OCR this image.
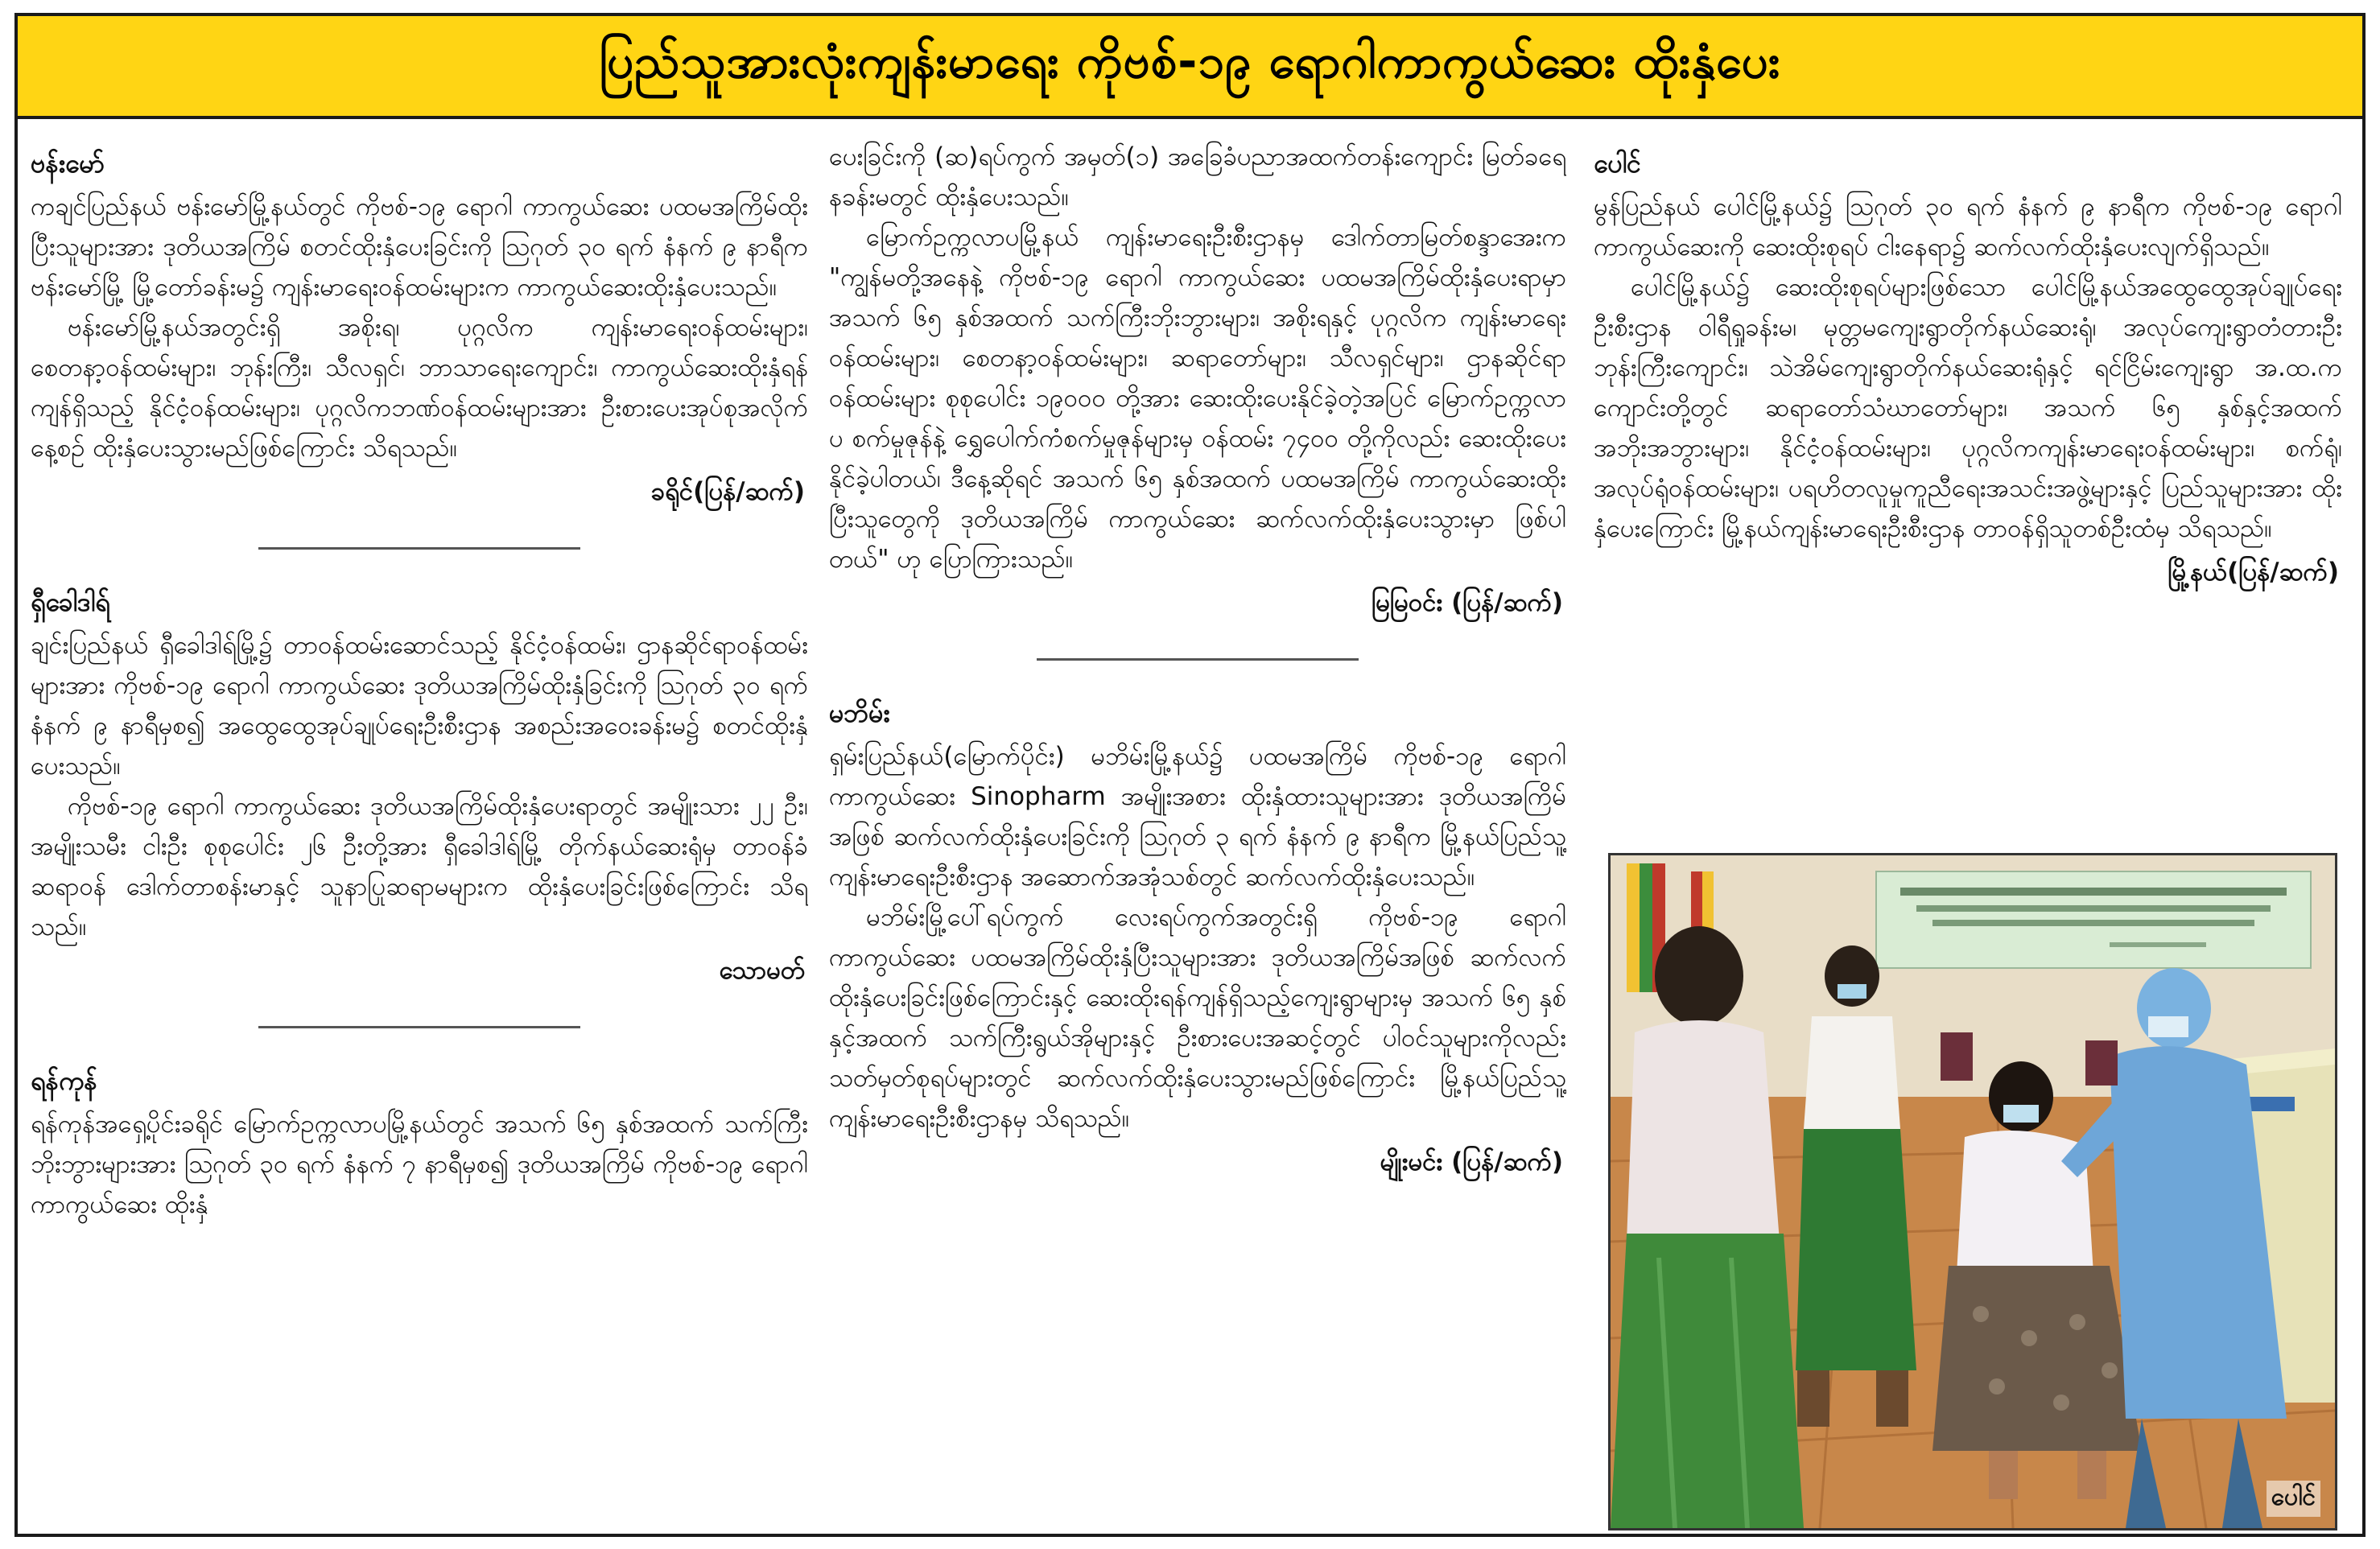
ပြည်သူအားလုံးကျန်းမာရေး ကိုဗစ်-၁၉ ရောဂါကာကွယ်ဆေး ထိုးနှံပေး
ဗန်းမော်

ကချင်ပြည်နယ် ဗန်းမော်မြို့နယ်တွင် ကိုဗစ်-၁၉ ရောဂါ ကာကွယ်ဆေး ပထမအကြိမ်ထိုးပြီးသူများအား ဒုတိယအကြိမ် စတင်ထိုးနှံပေးခြင်းကို ဩဂုတ် ၃၀ ရက် နံနက် ၉ နာရီက ဗန်းမော်မြို့ မြို့တော်ခန်းမ၌ ကျန်းမာရေးဝန်ထမ်းများက ကာကွယ်ဆေးထိုးနှံပေးသည်။

ဗန်းမော်မြို့နယ်အတွင်းရှိ အစိုးရ၊ ပုဂ္ဂလိက ကျန်းမာရေးဝန်ထမ်းများ၊ စေတနာ့ဝန်ထမ်းများ၊ ဘုန်းကြီး၊ သီလရှင်၊ ဘာသာရေးကျောင်း၊ ကာကွယ်ဆေးထိုးနှံရန်ကျန်ရှိသည့် နိုင်ငံ့ဝန်ထမ်းများ၊ ပုဂ္ဂလိကဘဏ်ဝန်ထမ်းများအား ဦးစားပေးအုပ်စုအလိုက် နေ့စဉ် ထိုးနှံပေးသွားမည်ဖြစ်ကြောင်း သိရသည်။

ခရိုင်(ပြန်/ဆက်)
ရှီခေါဒါရ်

ချင်းပြည်နယ် ရှီခေါဒါရ်မြို့၌ တာဝန်ထမ်းဆောင်သည့် နိုင်ငံ့ဝန်ထမ်း၊ ဌာနဆိုင်ရာဝန်ထမ်းများအား ကိုဗစ်-၁၉ ရောဂါ ကာကွယ်ဆေး ဒုတိယအကြိမ်ထိုးနှံခြင်းကို ဩဂုတ် ၃၀ ရက် နံနက် ၉ နာရီမှစ၍ အထွေထွေအုပ်ချုပ်ရေးဦးစီးဌာန အစည်းအဝေးခန်းမ၌ စတင်ထိုးနှံပေးသည်။

ကိုဗစ်-၁၉ ရောဂါ ကာကွယ်ဆေး ဒုတိယအကြိမ်ထိုးနှံပေးရာတွင် အမျိုးသား ၂၂ ဦး၊ အမျိုးသမီး ငါးဦး စုစုပေါင်း ၂၆ ဦးတို့အား ရှီခေါဒါရ်မြို့ တိုက်နယ်ဆေးရုံမှ တာဝန်ခံဆရာဝန် ဒေါက်တာစန်းမာနှင့် သူနာပြုဆရာမများက ထိုးနှံပေးခြင်းဖြစ်ကြောင်း သိရသည်။

သောမတ်
ရန်ကုန်

ရန်ကုန်အရှေ့ပိုင်းခရိုင် မြောက်ဥက္ကလာပမြို့နယ်တွင် အသက် ၆၅ နှစ်အထက် သက်ကြီးဘိုးဘွားများအား ဩဂုတ် ၃၀ ရက် နံနက် ၇ နာရီမှစ၍ ဒုတိယအကြိမ် ကိုဗစ်-၁၉ ရောဂါ ကာကွယ်ဆေး ထိုးနှံ

ပေးခြင်းကို (ဆ)ရပ်ကွက် အမှတ်(၁) အခြေခံပညာအထက်တန်းကျောင်း မြတ်ခရေနခန်းမတွင် ထိုးနှံပေးသည်။

မြောက်ဥက္ကလာပမြို့နယ် ကျန်းမာရေးဦးစီးဌာနမှ ဒေါက်တာမြတ်စန္ဒာအေးက "ကျွန်မတို့အနေနဲ့ ကိုဗစ်-၁၉ ရောဂါ ကာကွယ်ဆေး ပထမအကြိမ်ထိုးနှံပေးရာမှာ အသက် ၆၅ နှစ်အထက် သက်ကြီးဘိုးဘွားများ၊ အစိုးရနှင့် ပုဂ္ဂလိက ကျန်းမာရေးဝန်ထမ်းများ၊ စေတနာ့ဝန်ထမ်းများ၊ ဆရာတော်များ၊ သီလရှင်များ၊ ဌာနဆိုင်ရာဝန်ထမ်းများ စုစုပေါင်း ၁၉၀၀၀ တို့အား ဆေးထိုးပေးနိုင်ခဲ့တဲ့အပြင် မြောက်ဥက္ကလာပ စက်မှုဇုန်နဲ့ ရွှေပေါက်ကံစက်မှုဇုန်များမှ ဝန်ထမ်း ၇၄၀၀ တို့ကိုလည်း ဆေးထိုးပေးနိုင်ခဲ့ပါတယ်၊ ဒီနေ့ဆိုရင် အသက် ၆၅ နှစ်အထက် ပထမအကြိမ် ကာကွယ်ဆေးထိုးပြီးသူတွေကို ဒုတိယအကြိမ် ကာကွယ်ဆေး ဆက်လက်ထိုးနှံပေးသွားမှာ ဖြစ်ပါတယ်" ဟု ပြောကြားသည်။

မြမြဝင်း (ပြန်/ဆက်)
မဘိမ်း

ရှမ်းပြည်နယ်(မြောက်ပိုင်း) မဘိမ်းမြို့နယ်၌ ပထမအကြိမ် ကိုဗစ်-၁၉ ရောဂါ ကာကွယ်ဆေး Sinopharm အမျိုးအစား ထိုးနှံထားသူများအား ဒုတိယအကြိမ်အဖြစ် ဆက်လက်ထိုးနှံပေးခြင်းကို ဩဂုတ် ၃ ရက် နံနက် ၉ နာရီက မြို့နယ်ပြည်သူ့ကျန်းမာရေးဦးစီးဌာန အဆောက်အအုံသစ်တွင် ဆက်လက်ထိုးနှံပေးသည်။

မဘိမ်းမြို့ပေါ်ရပ်ကွက် လေးရပ်ကွက်အတွင်းရှိ ကိုဗစ်-၁၉ ရောဂါ ကာကွယ်ဆေး ပထမအကြိမ်ထိုးနှံပြီးသူများအား ဒုတိယအကြိမ်အဖြစ် ဆက်လက်ထိုးနှံပေးခြင်းဖြစ်ကြောင်းနှင့် ဆေးထိုးရန်ကျန်ရှိသည့်ကျေးရွာများမှ အသက် ၆၅ နှစ်နှင့်အထက် သက်ကြီးရွယ်အိုများနှင့် ဦးစားပေးအဆင့်တွင် ပါဝင်သူများကိုလည်း သတ်မှတ်စုရပ်များတွင် ဆက်လက်ထိုးနှံပေးသွားမည်ဖြစ်ကြောင်း မြို့နယ်ပြည်သူ့ကျန်းမာရေးဦးစီးဌာနမှ သိရသည်။

မျိုးမင်း (ပြန်/ဆက်)
ပေါင်

မွန်ပြည်နယ် ပေါင်မြို့နယ်၌ ဩဂုတ် ၃၀ ရက် နံနက် ၉ နာရီက ကိုဗစ်-၁၉ ရောဂါ ကာကွယ်ဆေးကို ဆေးထိုးစုရပ် ငါးနေရာ၌ ဆက်လက်ထိုးနှံပေးလျက်ရှိသည်။

ပေါင်မြို့နယ်၌ ဆေးထိုးစုရပ်များဖြစ်သော ပေါင်မြို့နယ်အထွေထွေအုပ်ချုပ်ရေးဦးစီးဌာန ဝါရီရှုခန်းမ၊ မုတ္တမကျေးရွာတိုက်နယ်ဆေးရုံ၊ အလုပ်ကျေးရွာတံတားဦးဘုန်းကြီးကျောင်း၊ သဲအိမ်ကျေးရွာတိုက်နယ်ဆေးရုံနှင့် ရင်ငြိမ်းကျေးရွာ အ.ထ.ကကျောင်းတို့တွင် ဆရာတော်သံဃာတော်များ၊ အသက် ၆၅ နှစ်နှင့်အထက် အဘိုးအဘွားများ၊ နိုင်ငံ့ဝန်ထမ်းများ၊ ပုဂ္ဂလိကကျန်းမာရေးဝန်ထမ်းများ၊ စက်ရုံ၊ အလုပ်ရုံဝန်ထမ်းများ၊ ပရဟိတလူမှုကူညီရေးအသင်းအဖွဲ့များနှင့် ပြည်သူများအား ထိုးနှံပေးကြောင်း မြို့နယ်ကျန်းမာရေးဦးစီးဌာန တာဝန်ရှိသူတစ်ဦးထံမှ သိရသည်။

မြို့နယ်(ပြန်/ဆက်)
ပေါင်
